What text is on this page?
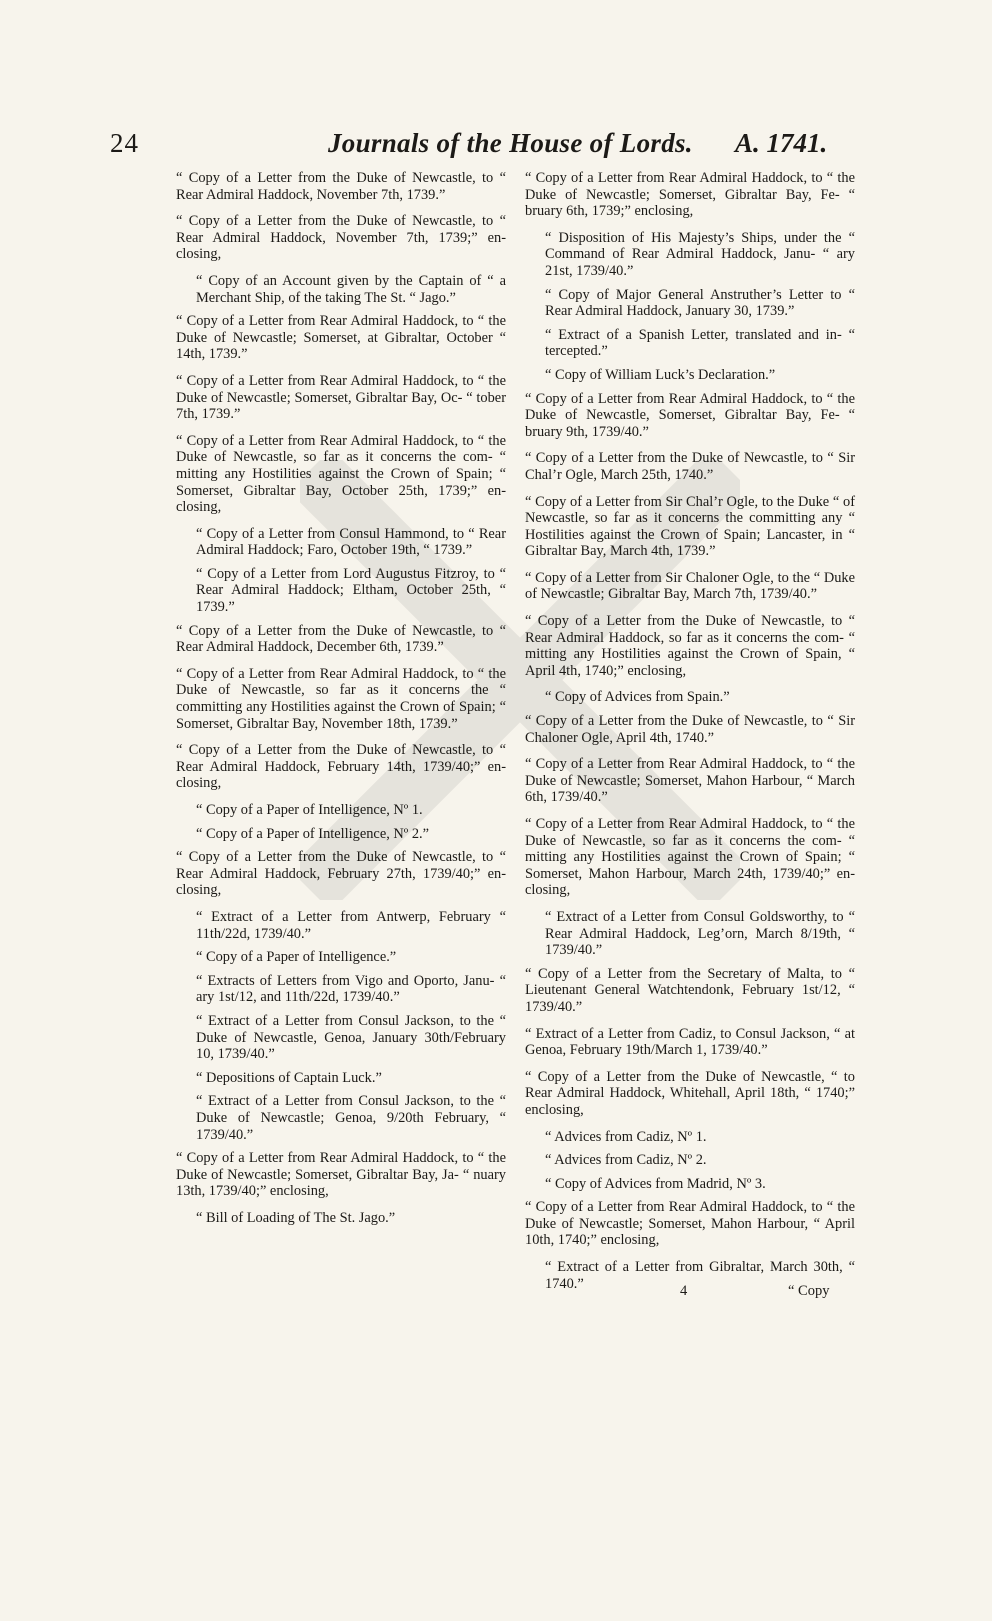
24	Journals of the House of Lords. A. 1741.

“ Copy of a Letter from the Duke of Newcastle, to “ Rear Admiral Haddock, November 7th, 1739.”

“ Copy of a Letter from the Duke of Newcastle, to “ Rear Admiral Haddock, November 7th, 1739;” en- closing,

“ Copy of an Account given by the Captain of “ a Merchant Ship, of the taking The St. “ Jago.”

“ Copy of a Letter from Rear Admiral Haddock, to “ the Duke of Newcastle; Somerset, at Gibraltar, October “ 14th, 1739.”

“ Copy of a Letter from Rear Admiral Haddock, to “ the Duke of Newcastle; Somerset, Gibraltar Bay, Oc- “ tober 7th, 1739.”

“ Copy of a Letter from Rear Admiral Haddock, to “ the Duke of Newcastle, so far as it concerns the com- “ mitting any Hostilities against the Crown of Spain; “ Somerset, Gibraltar Bay, October 25th, 1739;” en- closing,

“ Copy of a Letter from Consul Hammond, to “ Rear Admiral Haddock; Faro, October 19th, “ 1739.”

“ Copy of a Letter from Lord Augustus Fitzroy, to “ Rear Admiral Haddock; Eltham, October 25th, “ 1739.”

“ Copy of a Letter from the Duke of Newcastle, to “ Rear Admiral Haddock, December 6th, 1739.”

“ Copy of a Letter from Rear Admiral Haddock, to “ the Duke of Newcastle, so far as it concerns the “ committing any Hostilities against the Crown of Spain; “ Somerset, Gibraltar Bay, November 18th, 1739.”

“ Copy of a Letter from the Duke of Newcastle, to “ Rear Admiral Haddock, February 14th, 1739/40;” en- closing,

“ Copy of a Paper of Intelligence, Nº 1.

“ Copy of a Paper of Intelligence, Nº 2.”

“ Copy of a Letter from the Duke of Newcastle, to “ Rear Admiral Haddock, February 27th, 1739/40;” en- closing,

“ Extract of a Letter from Antwerp, February “ 11th/22d, 1739/40.”

“ Copy of a Paper of Intelligence.”

“ Extracts of Letters from Vigo and Oporto, Janu- “ ary 1st/12, and 11th/22d, 1739/40.”

“ Extract of a Letter from Consul Jackson, to the “ Duke of Newcastle, Genoa, January 30th/February 10, 1739/40.”

“ Depositions of Captain Luck.”

“ Extract of a Letter from Consul Jackson, to the “ Duke of Newcastle; Genoa, 9/20th February, “ 1739/40.”

“ Copy of a Letter from Rear Admiral Haddock, to “ the Duke of Newcastle; Somerset, Gibraltar Bay, Ja- “ nuary 13th, 1739/40;” enclosing,

“ Bill of Loading of The St. Jago.”

“ Copy of a Letter from Rear Admiral Haddock, to “ the Duke of Newcastle; Somerset, Gibraltar Bay, Fe- “ bruary 6th, 1739;” enclosing,

“ Disposition of His Majesty’s Ships, under the “ Command of Rear Admiral Haddock, Janu- “ ary 21st, 1739/40.”

“ Copy of Major General Anstruther’s Letter to “ Rear Admiral Haddock, January 30, 1739.”

“ Extract of a Spanish Letter, translated and in- “ tercepted.”

“ Copy of William Luck’s Declaration.”

“ Copy of a Letter from Rear Admiral Haddock, to “ the Duke of Newcastle, Somerset, Gibraltar Bay, Fe- “ bruary 9th, 1739/40.”

“ Copy of a Letter from the Duke of Newcastle, to “ Sir Chal’r Ogle, March 25th, 1740.”

“ Copy of a Letter from Sir Chal’r Ogle, to the Duke “ of Newcastle, so far as it concerns the committing any “ Hostilities against the Crown of Spain; Lancaster, in “ Gibraltar Bay, March 4th, 1739.”

“ Copy of a Letter from Sir Chaloner Ogle, to the “ Duke of Newcastle; Gibraltar Bay, March 7th, 1739/40.”

“ Copy of a Letter from the Duke of Newcastle, to “ Rear Admiral Haddock, so far as it concerns the com- “ mitting any Hostilities against the Crown of Spain, “ April 4th, 1740;” enclosing,

“ Copy of Advices from Spain.”

“ Copy of a Letter from the Duke of Newcastle, to “ Sir Chaloner Ogle, April 4th, 1740.”

“ Copy of a Letter from Rear Admiral Haddock, to “ the Duke of Newcastle; Somerset, Mahon Harbour, “ March 6th, 1739/40.”

“ Copy of a Letter from Rear Admiral Haddock, to “ the Duke of Newcastle, so far as it concerns the com- “ mitting any Hostilities against the Crown of Spain; “ Somerset, Mahon Harbour, March 24th, 1739/40;” en- closing,

“ Extract of a Letter from Consul Goldsworthy, to “ Rear Admiral Haddock, Leg’orn, March 8/19th, “ 1739/40.”

“ Copy of a Letter from the Secretary of Malta, to “ Lieutenant General Watchtendonk, February 1st/12, “ 1739/40.”

“ Extract of a Letter from Cadiz, to Consul Jackson, “ at Genoa, February 19th/March 1, 1739/40.”

“ Copy of a Letter from the Duke of Newcastle, “ to Rear Admiral Haddock, Whitehall, April 18th, “ 1740;” enclosing,

“ Advices from Cadiz, Nº 1.

“ Advices from Cadiz, Nº 2.

“ Copy of Advices from Madrid, Nº 3.

“ Copy of a Letter from Rear Admiral Haddock, to “ the Duke of Newcastle; Somerset, Mahon Harbour, “ April 10th, 1740;” enclosing,

“ Extract of a Letter from Gibraltar, March 30th, “ 1740.”	4	“ Copy
